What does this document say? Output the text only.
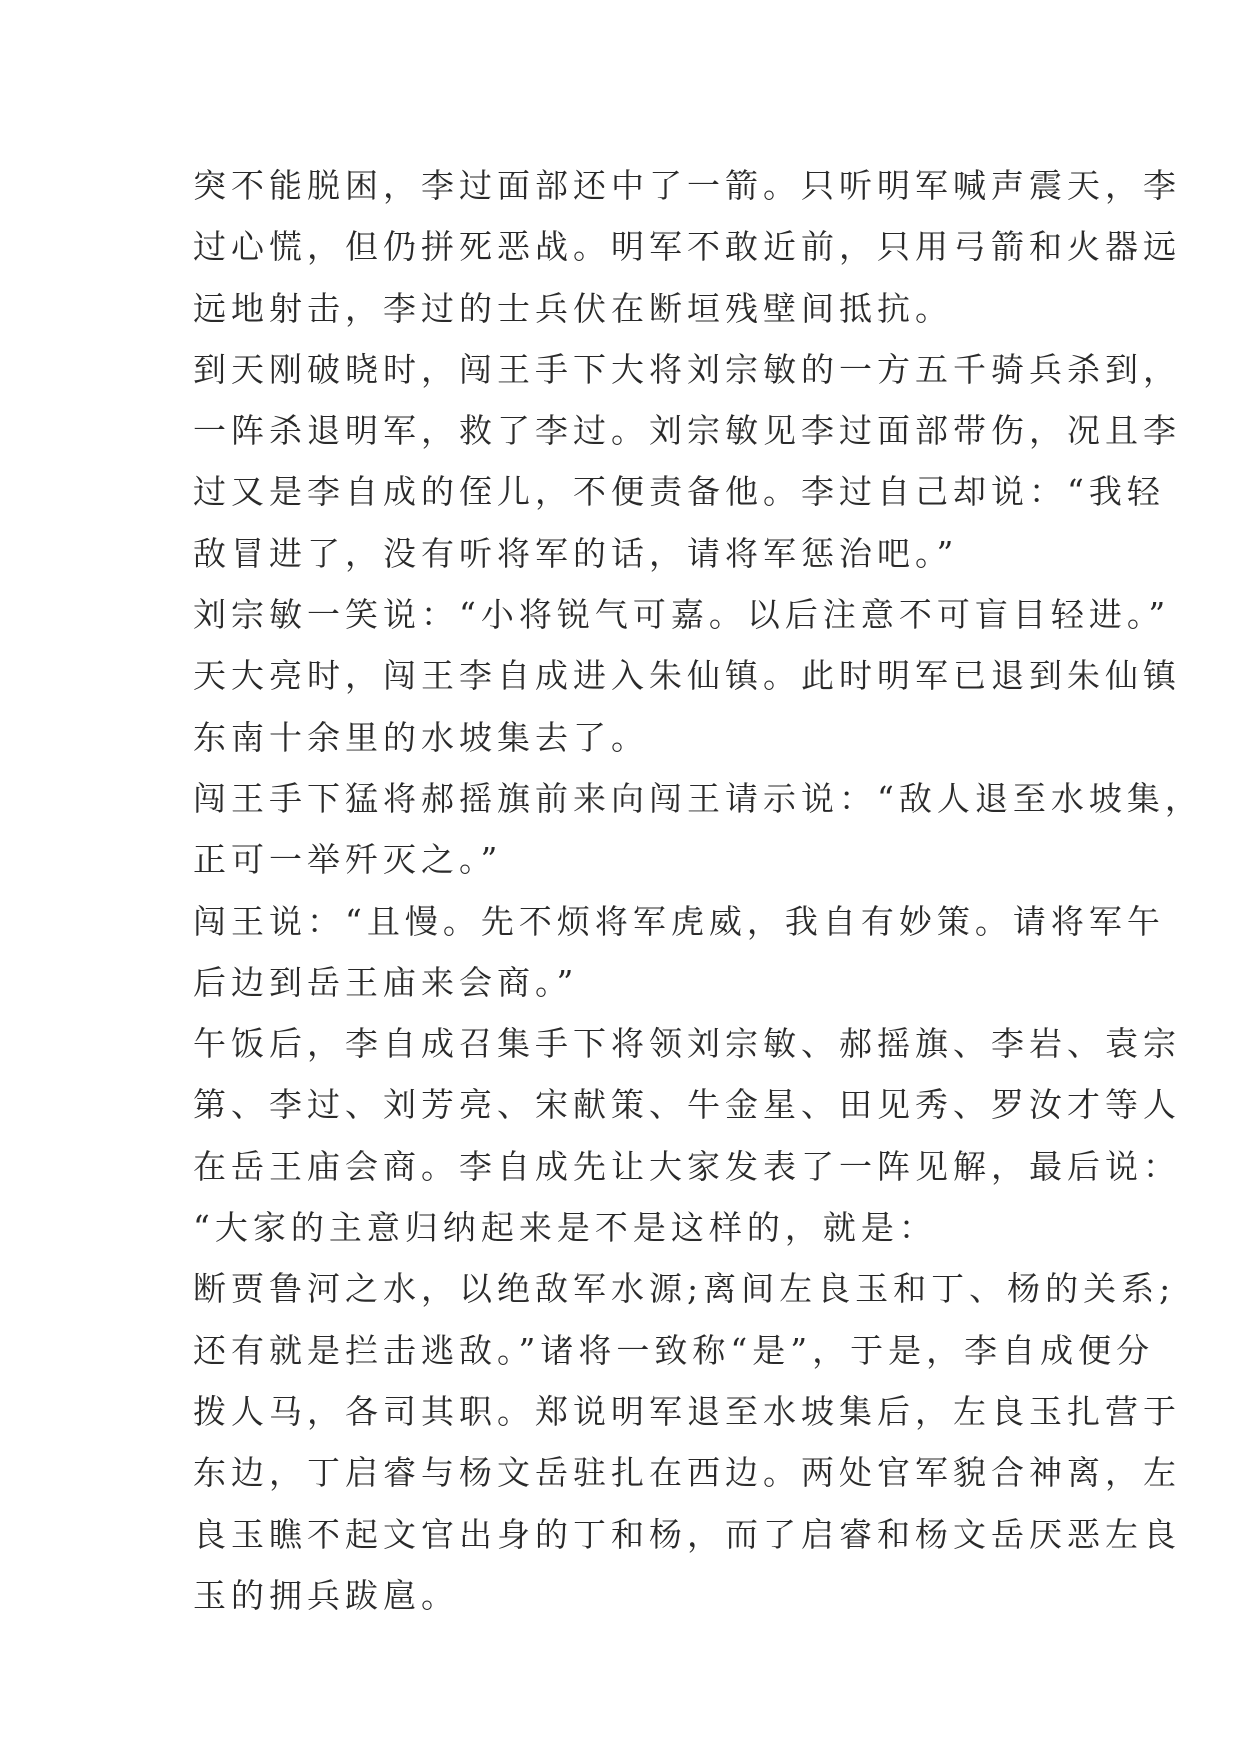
突不能脱困，李过面部还中了一箭。只听明军喊声震天，李
过心慌，但仍拼死恶战。明军不敢近前，只用弓箭和火器远
远地射击，李过的士兵伏在断垣残壁间抵抗。
到天刚破晓时，闯王手下大将刘宗敏的一方五千骑兵杀到，
一阵杀退明军，救了李过。刘宗敏见李过面部带伤，况且李
过又是李自成的侄儿，不便责备他。李过自己却说：“我轻
敌冒进了，没有听将军的话，请将军惩治吧。”
刘宗敏一笑说：“小将锐气可嘉。以后注意不可盲目轻进。”
天大亮时，闯王李自成进入朱仙镇。此时明军已退到朱仙镇
东南十余里的水坡集去了。
闯王手下猛将郝摇旗前来向闯王请示说：“敌人退至水坡集，
正可一举歼灭之。”
闯王说：“且慢。先不烦将军虎威，我自有妙策。请将军午
后边到岳王庙来会商。”
午饭后，李自成召集手下将领刘宗敏、郝摇旗、李岩、袁宗
第、李过、刘芳亮、宋献策、牛金星、田见秀、罗汝才等人
在岳王庙会商。李自成先让大家发表了一阵见解，最后说：
“大家的主意归纳起来是不是这样的，就是：
断贾鲁河之水，以绝敌军水源;离间左良玉和丁、杨的关系;
还有就是拦击逃敌。”诸将一致称“是”，于是，李自成便分
拨人马，各司其职。郑说明军退至水坡集后，左良玉扎营于
东边，丁启睿与杨文岳驻扎在西边。两处官军貌合神离，左
良玉瞧不起文官出身的丁和杨，而了启睿和杨文岳厌恶左良
玉的拥兵跋扈。
